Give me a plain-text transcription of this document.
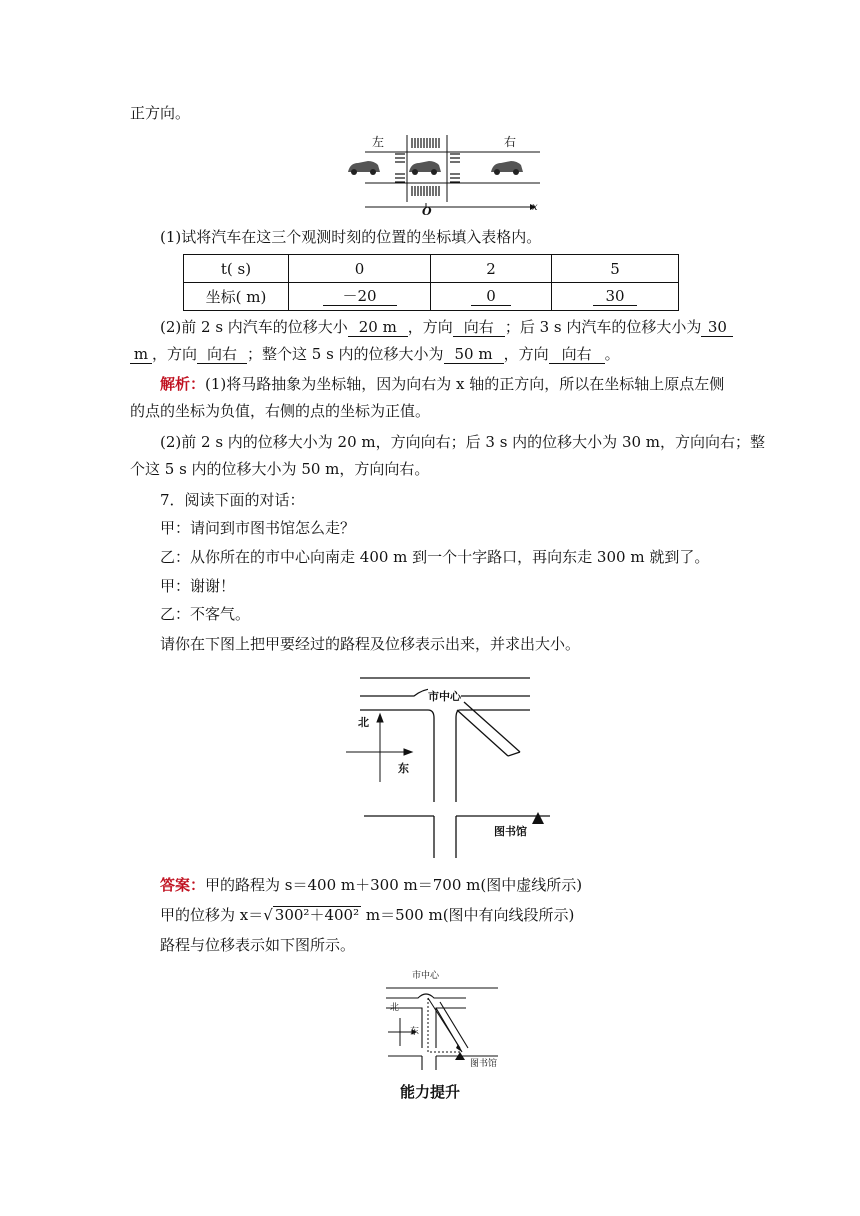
正方向。
左	右
O	x
(1)试将汽车在这三个观测时刻的位置的坐标填入表格内。
t( s)	0	2	5
坐标( m)	－20	0	30
(2)前 2 s 内汽车的位移大小 20 m ，方向 向右 ；后 3 s 内汽车的位移大小为 30
m ，方向 向右 ；整个这 5 s 内的位移大小为 50 m ，方向 向右 。
解析：(1)将马路抽象为坐标轴，因为向右为 x 轴的正方向，所以在坐标轴上原点左侧
的点的坐标为负值，右侧的点的坐标为正值。
(2)前 2 s 内的位移大小为 20 m，方向向右；后 3 s 内的位移大小为 30 m，方向向右；整
个这 5 s 内的位移大小为 50 m，方向向右。
7．阅读下面的对话：
甲：请问到市图书馆怎么走？
乙：从你所在的市中心向南走 400 m 到一个十字路口，再向东走 300 m 就到了。
甲：谢谢！
乙：不客气。
请你在下图上把甲要经过的路程及位移表示出来，并求出大小。
市中心
北
东
图书馆
答案：甲的路程为 s＝400 m＋300 m＝700 m(图中虚线所示)
甲的位移为 x＝√ 300²＋400² m＝500 m(图中有向线段所示)
路程与位移表示如下图所示。
市中心
北
东
图书馆
能力提升
